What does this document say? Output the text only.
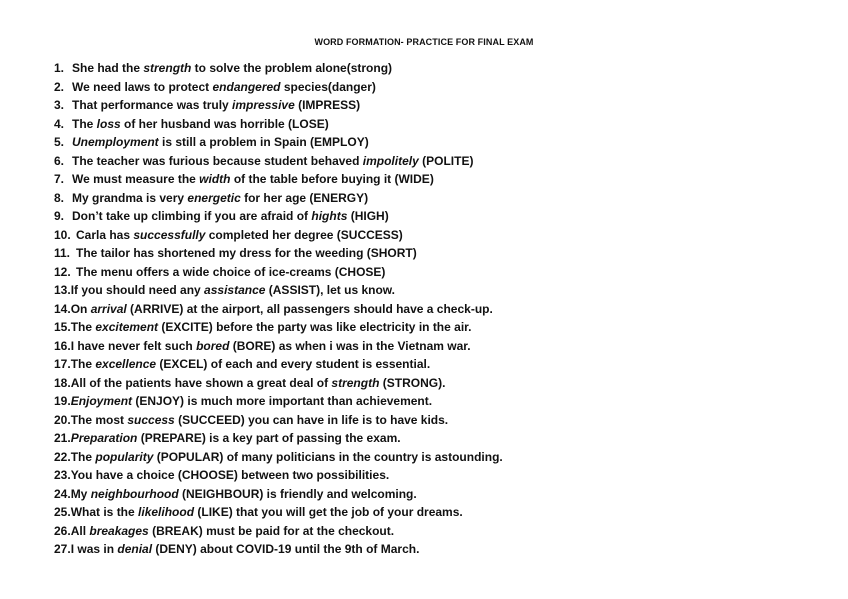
WORD FORMATION- PRACTICE FOR FINAL EXAM
1. She had the strength to solve the problem alone(strong)
2. We need laws to protect endangered species(danger)
3. That performance was truly impressive (IMPRESS)
4. The loss of her husband was horrible (LOSE)
5. Unemployment is still a problem in Spain (EMPLOY)
6. The teacher was furious because student behaved impolitely (POLITE)
7. We must measure the width of the table before buying it (WIDE)
8. My grandma is very energetic for her age (ENERGY)
9. Don’t take up climbing if you are afraid of hights (HIGH)
10. Carla has successfully completed her degree (SUCCESS)
11. The tailor has shortened my dress for the weeding (SHORT)
12. The menu offers a wide choice of ice-creams (CHOSE)
13.If you should need any assistance (ASSIST), let us know.
14.On arrival (ARRIVE) at the airport, all passengers should have a check-up.
15.The excitement (EXCITE) before the party was like electricity in the air.
16.I have never felt such bored (BORE) as when i was in the Vietnam war.
17.The excellence (EXCEL) of each and every student is essential.
18.All of the patients have shown a great deal of strength (STRONG).
19.Enjoyment (ENJOY) is much more important than achievement.
20.The most success (SUCCEED) you can have in life is to have kids.
21.Preparation (PREPARE) is a key part of passing the exam.
22.The popularity (POPULAR) of many politicians in the country is astounding.
23.You have a choice (CHOOSE) between two possibilities.
24.My neighbourhood (NEIGHBOUR) is friendly and welcoming.
25.What is the likelihood (LIKE) that you will get the job of your dreams.
26.All breakages (BREAK) must be paid for at the checkout.
27.I was in denial (DENY) about COVID-19 until the 9th of March.
